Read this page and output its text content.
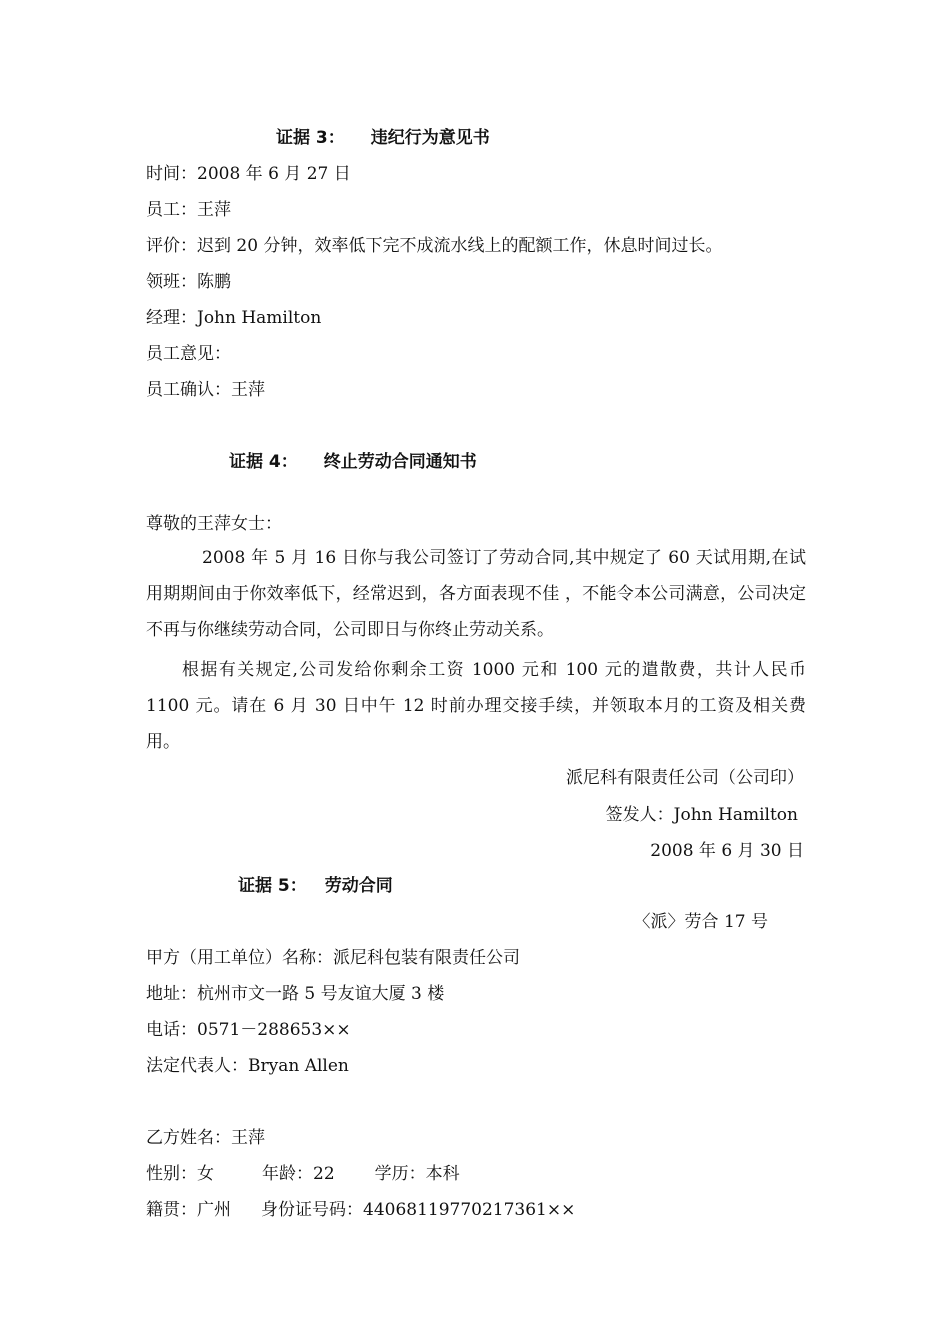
证据 3： 违纪行为意见书
时间：2008 年 6 月 27 日
员工：王萍
评价：迟到 20 分钟，效率低下完不成流水线上的配额工作，休息时间过长。
领班：陈鹏
经理：John Hamilton
员工意见：
员工确认：王萍
证据 4： 终止劳动合同通知书
尊敬的王萍女士：
2008 年 5 月 16 日你与我公司签订了劳动合同,其中规定了 60 天试用期,在试用期期间由于你效率低下，经常迟到，各方面表现不佳 ，不能令本公司满意，公司决定不再与你继续劳动合同，公司即日与你终止劳动关系。
根据有关规定,公司发给你剩余工资 1000 元和 100 元的遣散费，共计人民币 1100 元。请在 6 月 30 日中午 12 时前办理交接手续，并领取本月的工资及相关费用。
派尼科有限责任公司（公司印）
签发人：John Hamilton
2008 年 6 月 30 日
证据 5： 劳动合同
〈派〉劳合 17 号
甲方（用工单位）名称：派尼科包装有限责任公司
地址：杭州市文一路 5 号友谊大厦 3 楼
电话：0571－288653××
法定代表人：Bryan Allen
乙方姓名：王萍
性别：女	年龄：22 学历：本科
籍贯：广州 身份证号码：44068119770217361××
